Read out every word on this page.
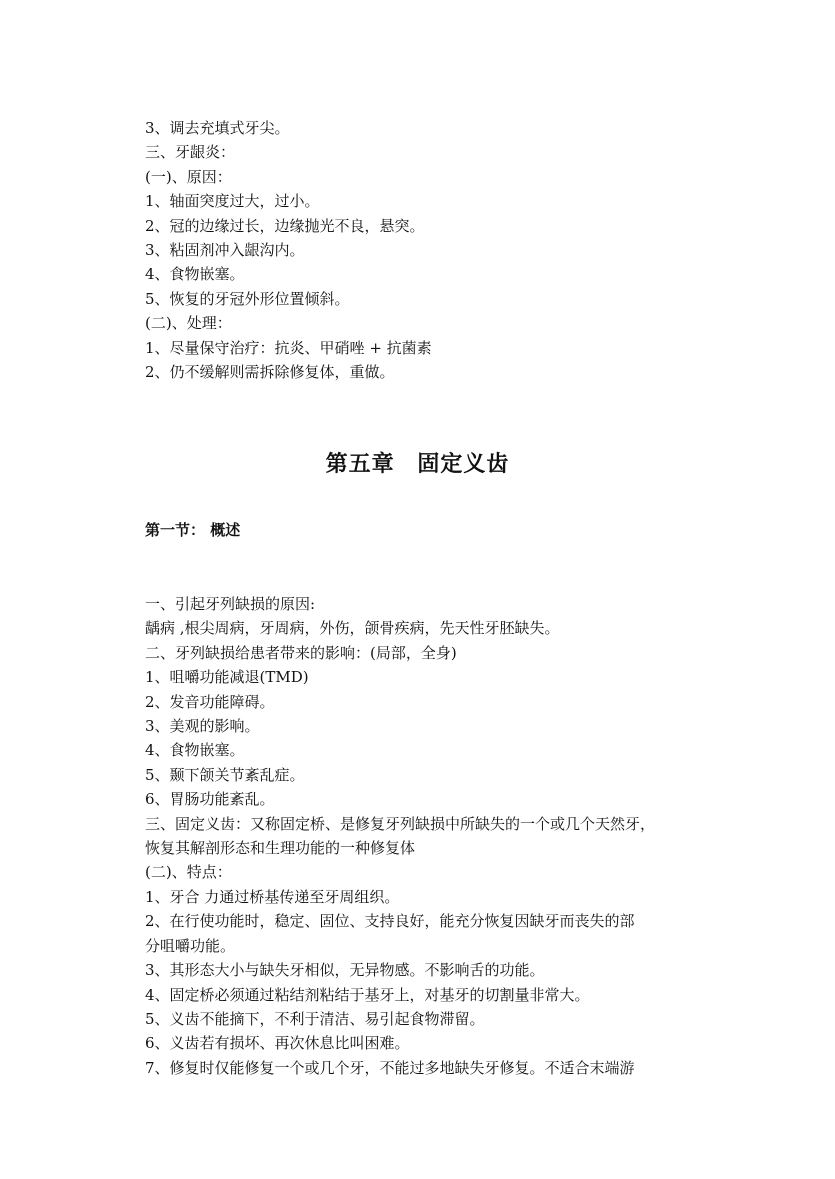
3、调去充填式牙尖。
三、牙龈炎：
(一)、原因：
1、轴面突度过大，过小。
2、冠的边缘过长，边缘抛光不良，悬突。
3、粘固剂冲入龈沟内。
4、食物嵌塞。
5、恢复的牙冠外形位置倾斜。
(二)、处理：
1、尽量保守治疗：抗炎、甲硝唑 + 抗菌素
2、仍不缓解则需拆除修复体，重做。
第五章 固定义齿
第一节： 概述
一、引起牙列缺损的原因:
龋病 ,根尖周病，牙周病，外伤，颌骨疾病，先天性牙胚缺失。
二、牙列缺损给患者带来的影响：(局部，全身)
1、咀嚼功能减退(TMD)
2、发音功能障碍。
3、美观的影响。
4、食物嵌塞。
5、颞下颌关节紊乱症。
6、胃肠功能紊乱。
三、固定义齿：又称固定桥、是修复牙列缺损中所缺失的一个或几个天然牙，
恢复其解剖形态和生理功能的一种修复体
(二)、特点：
1、牙合 力通过桥基传递至牙周组织。
2、在行使功能时，稳定、固位、支持良好，能充分恢复因缺牙而丧失的部
分咀嚼功能。
3、其形态大小与缺失牙相似，无异物感。不影响舌的功能。
4、固定桥必须通过粘结剂粘结于基牙上，对基牙的切割量非常大。
5、义齿不能摘下，不利于清洁、易引起食物滞留。
6、义齿若有损坏、再次休息比叫困难。
7、修复时仅能修复一个或几个牙，不能过多地缺失牙修复。不适合末端游
